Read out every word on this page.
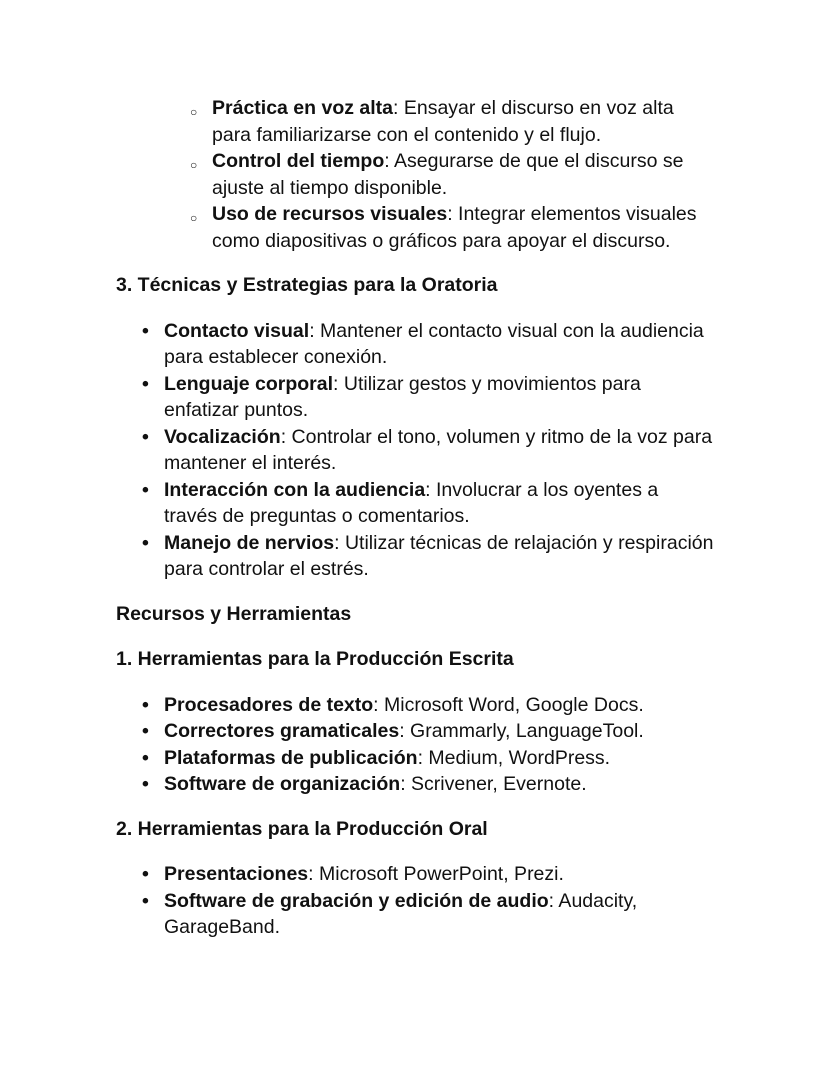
○ Práctica en voz alta: Ensayar el discurso en voz alta para familiarizarse con el contenido y el flujo.
○ Control del tiempo: Asegurarse de que el discurso se ajuste al tiempo disponible.
○ Uso de recursos visuales: Integrar elementos visuales como diapositivas o gráficos para apoyar el discurso.
3. Técnicas y Estrategias para la Oratoria
• Contacto visual: Mantener el contacto visual con la audiencia para establecer conexión.
• Lenguaje corporal: Utilizar gestos y movimientos para enfatizar puntos.
• Vocalización: Controlar el tono, volumen y ritmo de la voz para mantener el interés.
• Interacción con la audiencia: Involucrar a los oyentes a través de preguntas o comentarios.
• Manejo de nervios: Utilizar técnicas de relajación y respiración para controlar el estrés.
Recursos y Herramientas
1. Herramientas para la Producción Escrita
• Procesadores de texto: Microsoft Word, Google Docs.
• Correctores gramaticales: Grammarly, LanguageTool.
• Plataformas de publicación: Medium, WordPress.
• Software de organización: Scrivener, Evernote.
2. Herramientas para la Producción Oral
• Presentaciones: Microsoft PowerPoint, Prezi.
• Software de grabación y edición de audio: Audacity, GarageBand.
